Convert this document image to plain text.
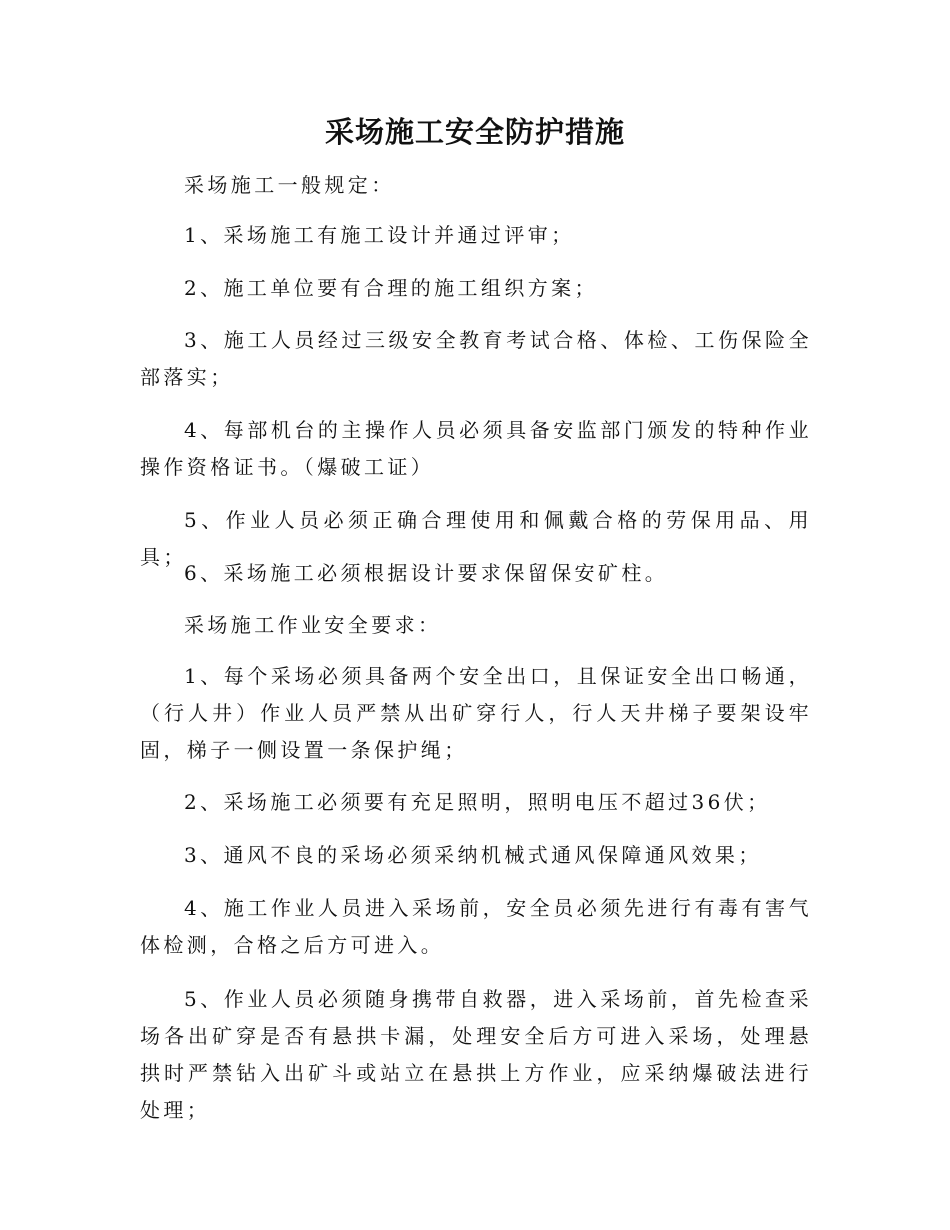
采场施工安全防护措施
采场施工一般规定：
1、采场施工有施工设计并通过评审；
2、施工单位要有合理的施工组织方案；
3、施工人员经过三级安全教育考试合格、体检、工伤保险全部落实；
4、每部机台的主操作人员必须具备安监部门颁发的特种作业操作资格证书。（爆破工证）
5、作业人员必须正确合理使用和佩戴合格的劳保用品、用具；
6、采场施工必须根据设计要求保留保安矿柱。
采场施工作业安全要求：
1、每个采场必须具备两个安全出口，且保证安全出口畅通，（行人井）作业人员严禁从出矿穿行人，行人天井梯子要架设牢固，梯子一侧设置一条保护绳；
2、采场施工必须要有充足照明，照明电压不超过36伏；
3、通风不良的采场必须采纳机械式通风保障通风效果；
4、施工作业人员进入采场前，安全员必须先进行有毒有害气体检测，合格之后方可进入。
5、作业人员必须随身携带自救器，进入采场前，首先检查采场各出矿穿是否有悬拱卡漏，处理安全后方可进入采场，处理悬拱时严禁钻入出矿斗或站立在悬拱上方作业，应采纳爆破法进行处理；
